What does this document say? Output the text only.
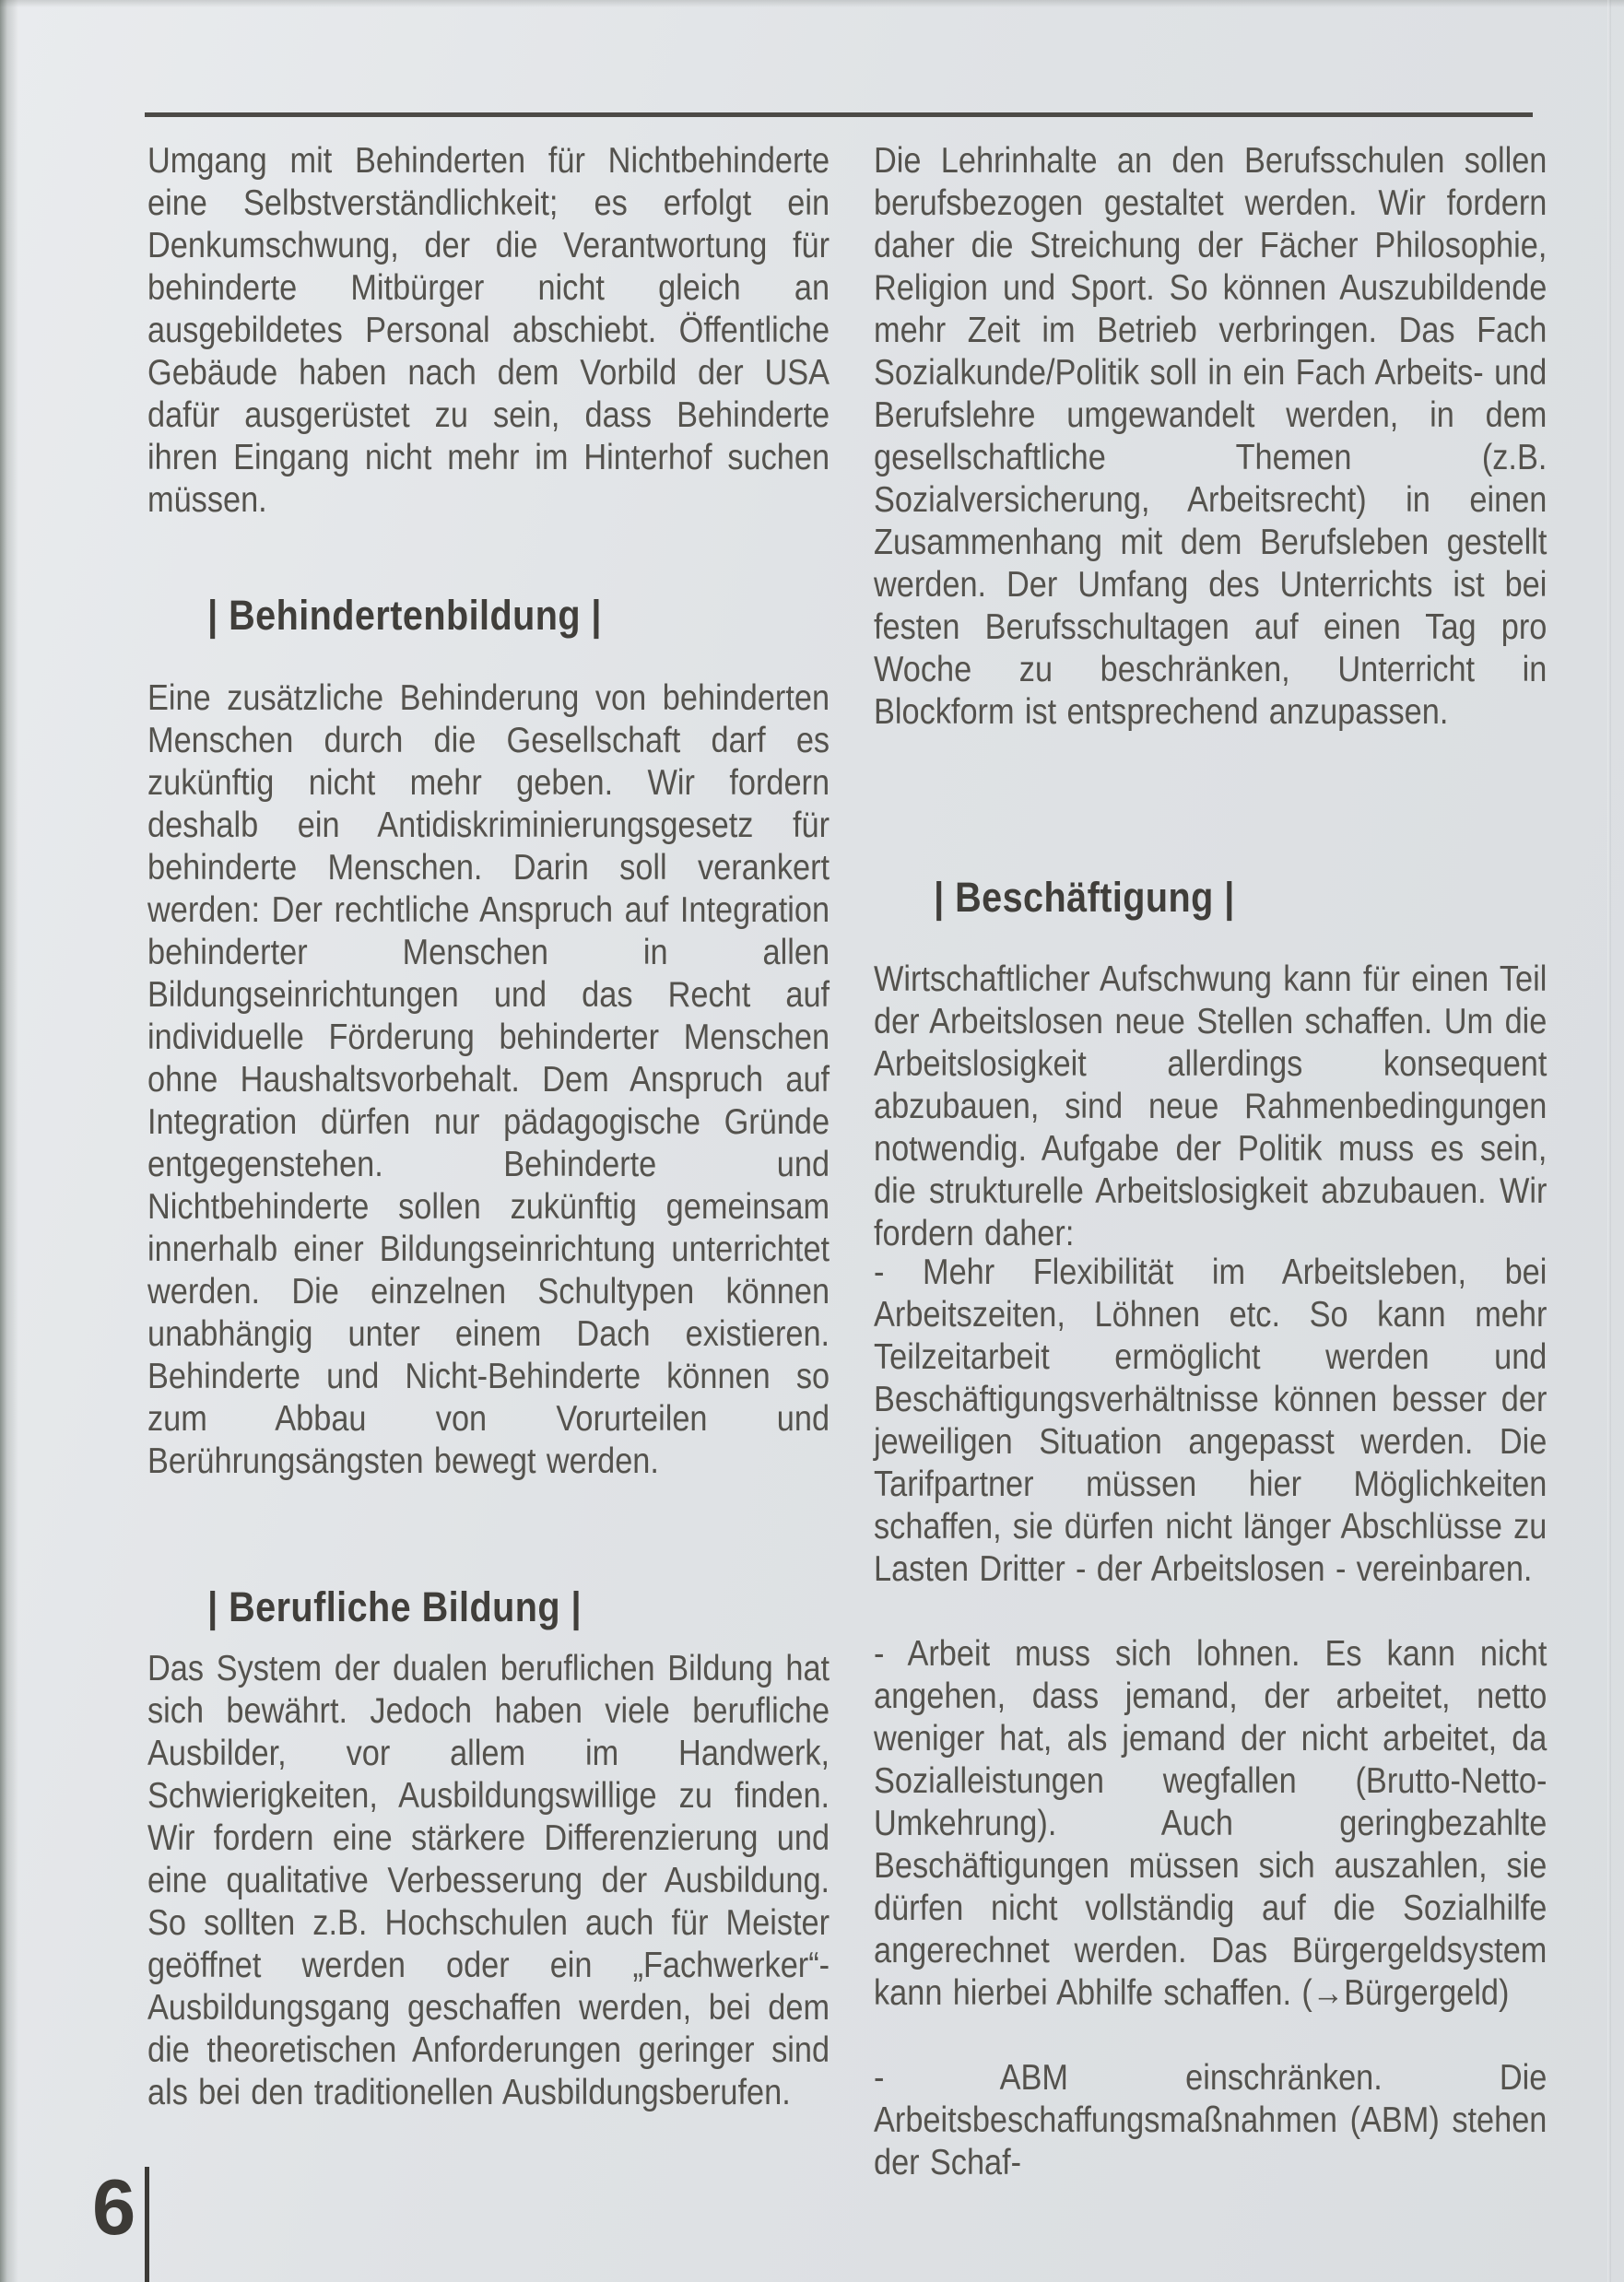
Umgang mit Behinderten für Nichtbehinderte eine Selbstverständlichkeit; es erfolgt ein Denkumschwung, der die Verantwortung für behinderte Mitbürger nicht gleich an ausgebildetes Personal abschiebt. Öffentliche Gebäude haben nach dem Vorbild der USA dafür ausgerüstet zu sein, dass Behinderte ihren Eingang nicht mehr im Hinterhof suchen müssen.

| Behindertenbildung |

Eine zusätzliche Behinderung von behinderten Menschen durch die Gesellschaft darf es zukünftig nicht mehr geben. Wir fordern deshalb ein Antidiskriminierungsgesetz für behinderte Menschen. Darin soll verankert werden: Der rechtliche Anspruch auf Integration behinderter Menschen in allen Bildungseinrichtungen und das Recht auf individuelle Förderung behinderter Menschen ohne Haushaltsvorbehalt. Dem Anspruch auf Integration dürfen nur pädagogische Gründe entgegenstehen. Behinderte und Nichtbehinderte sollen zukünftig gemeinsam innerhalb einer Bildungseinrichtung unterrichtet werden. Die einzelnen Schultypen können unabhängig unter einem Dach existieren. Behinderte und Nicht-Behinderte können so zum Abbau von Vorurteilen und Berührungsängsten bewegt werden.

| Berufliche Bildung |

Das System der dualen beruflichen Bildung hat sich bewährt. Jedoch haben viele berufliche Ausbilder, vor allem im Handwerk, Schwierigkeiten, Ausbildungswillige zu finden. Wir fordern eine stärkere Differenzierung und eine qualitative Verbesserung der Ausbildung. So sollten z.B. Hochschulen auch für Meister geöffnet werden oder ein „Fachwerker“-Ausbildungsgang geschaffen werden, bei dem die theoretischen Anforderungen geringer sind als bei den traditionellen Ausbildungsberufen.

Die Lehrinhalte an den Berufsschulen sollen berufsbezogen gestaltet werden. Wir fordern daher die Streichung der Fächer Philosophie, Religion und Sport. So können Auszubildende mehr Zeit im Betrieb verbringen. Das Fach Sozialkunde/Politik soll in ein Fach Arbeits- und Berufslehre umgewandelt werden, in dem gesellschaftliche Themen (z.B. Sozialversicherung, Arbeitsrecht) in einen Zusammenhang mit dem Berufsleben gestellt werden. Der Umfang des Unterrichts ist bei festen Berufsschultagen auf einen Tag pro Woche zu beschränken, Unterricht in Blockform ist entsprechend anzupassen.

| Beschäftigung |

Wirtschaftlicher Aufschwung kann für einen Teil der Arbeitslosen neue Stellen schaffen. Um die Arbeitslosigkeit allerdings konsequent abzubauen, sind neue Rahmenbedingungen notwendig. Aufgabe der Politik muss es sein, die strukturelle Arbeitslosigkeit abzubauen. Wir fordern daher:

- Mehr Flexibilität im Arbeitsleben, bei Arbeitszeiten, Löhnen etc. So kann mehr Teilzeitarbeit ermöglicht werden und Beschäftigungsverhältnisse können besser der jeweiligen Situation angepasst werden. Die Tarifpartner müssen hier Möglichkeiten schaffen, sie dürfen nicht länger Abschlüsse zu Lasten Dritter - der Arbeitslosen - vereinbaren.

- Arbeit muss sich lohnen. Es kann nicht angehen, dass jemand, der arbeitet, netto weniger hat, als jemand der nicht arbeitet, da Sozialleistungen wegfallen (Brutto-Netto-Umkehrung). Auch geringbezahlte Beschäftigungen müssen sich auszahlen, sie dürfen nicht vollständig auf die Sozialhilfe angerechnet werden. Das Bürgergeldsystem kann hierbei Abhilfe schaffen. (→Bürgergeld)

- ABM einschränken. Die Arbeitsbeschaffungsmaßnahmen (ABM) stehen der Schaf-

6
